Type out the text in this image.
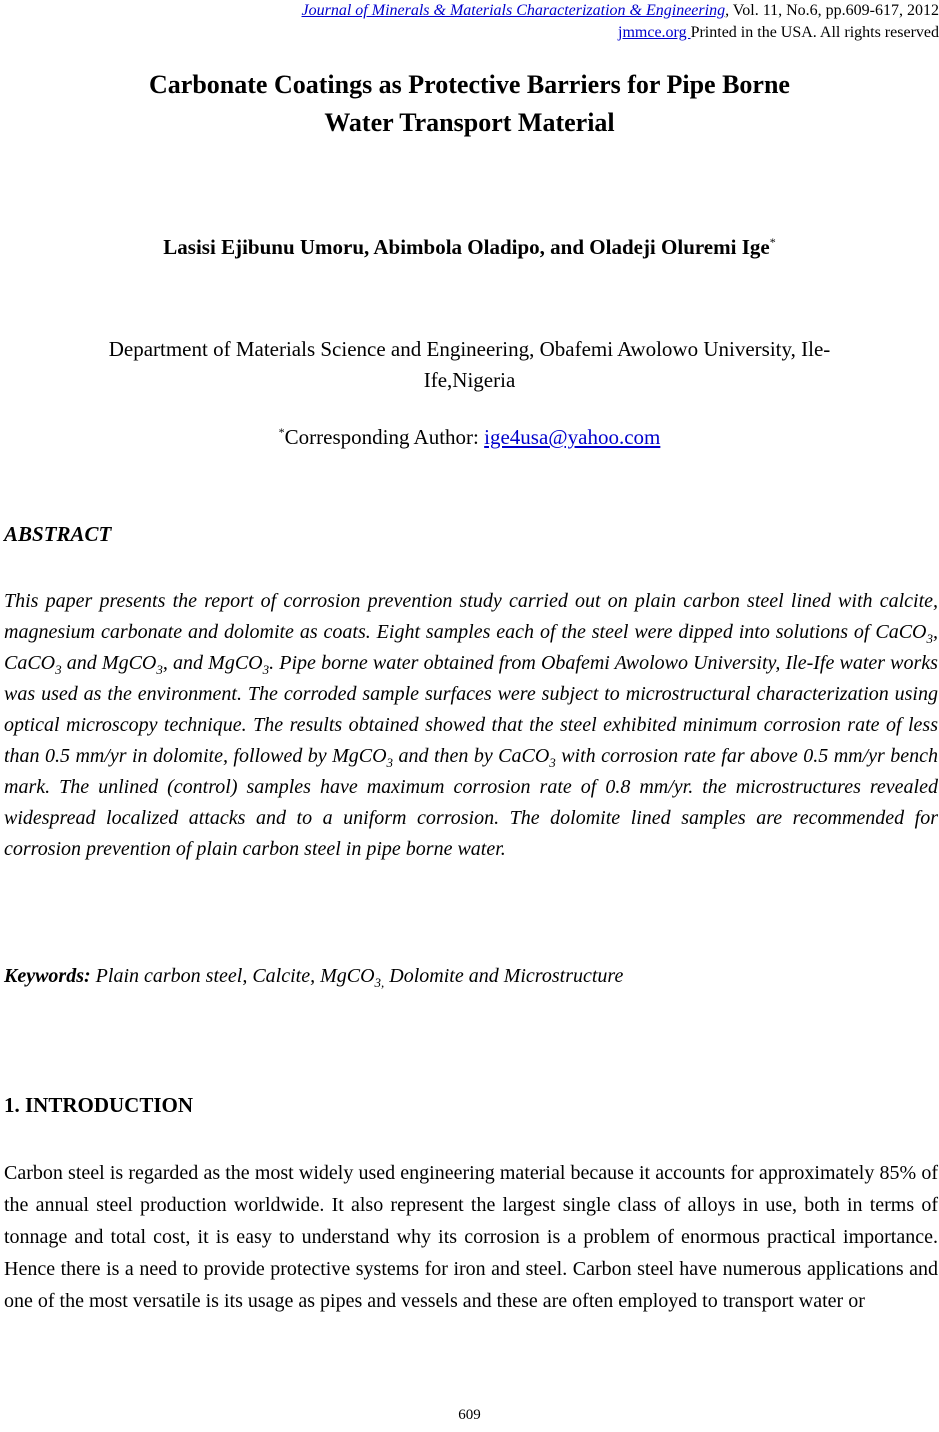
Journal of Minerals & Materials Characterization & Engineering, Vol. 11, No.6, pp.609-617, 2012
jmmce.org Printed in the USA. All rights reserved
Carbonate Coatings as Protective Barriers for Pipe Borne
Water Transport Material
Lasisi Ejibunu Umoru, Abimbola Oladipo, and Oladeji Oluremi Ige*
Department of Materials Science and Engineering, Obafemi Awolowo University, Ile-
Ife,Nigeria
*Corresponding Author: ige4usa@yahoo.com
ABSTRACT

This paper presents the report of corrosion prevention study carried out on plain carbon steel lined with calcite, magnesium carbonate and dolomite as coats. Eight samples each of the steel were dipped into solutions of CaCO$_3$, CaCO$_3$ and MgCO$_3$, and MgCO$_3$. Pipe borne water obtained from Obafemi Awolowo University, Ile-Ife water works was used as the environment. The corroded sample surfaces were subject to microstructural characterization using optical microscopy technique. The results obtained showed that the steel exhibited minimum corrosion rate of less than 0.5 mm/yr in dolomite, followed by MgCO$_3$ and then by CaCO$_3$ with corrosion rate far above 0.5 mm/yr bench mark. The unlined (control) samples have maximum corrosion rate of 0.8 mm/yr. the microstructures revealed widespread localized attacks and to a uniform corrosion. The dolomite lined samples are recommended for corrosion prevention of plain carbon steel in pipe borne water.

Keywords: Plain carbon steel, Calcite, MgCO$_{3,}$ Dolomite and Microstructure
1. INTRODUCTION

Carbon steel is regarded as the most widely used engineering material because it accounts for approximately 85% of the annual steel production worldwide. It also represent the largest single class of alloys in use, both in terms of tonnage and total cost, it is easy to understand why its corrosion is a problem of enormous practical importance. Hence there is a need to provide protective systems for iron and steel. Carbon steel have numerous applications and one of the most versatile is its usage as pipes and vessels and these are often employed to transport water or

609
